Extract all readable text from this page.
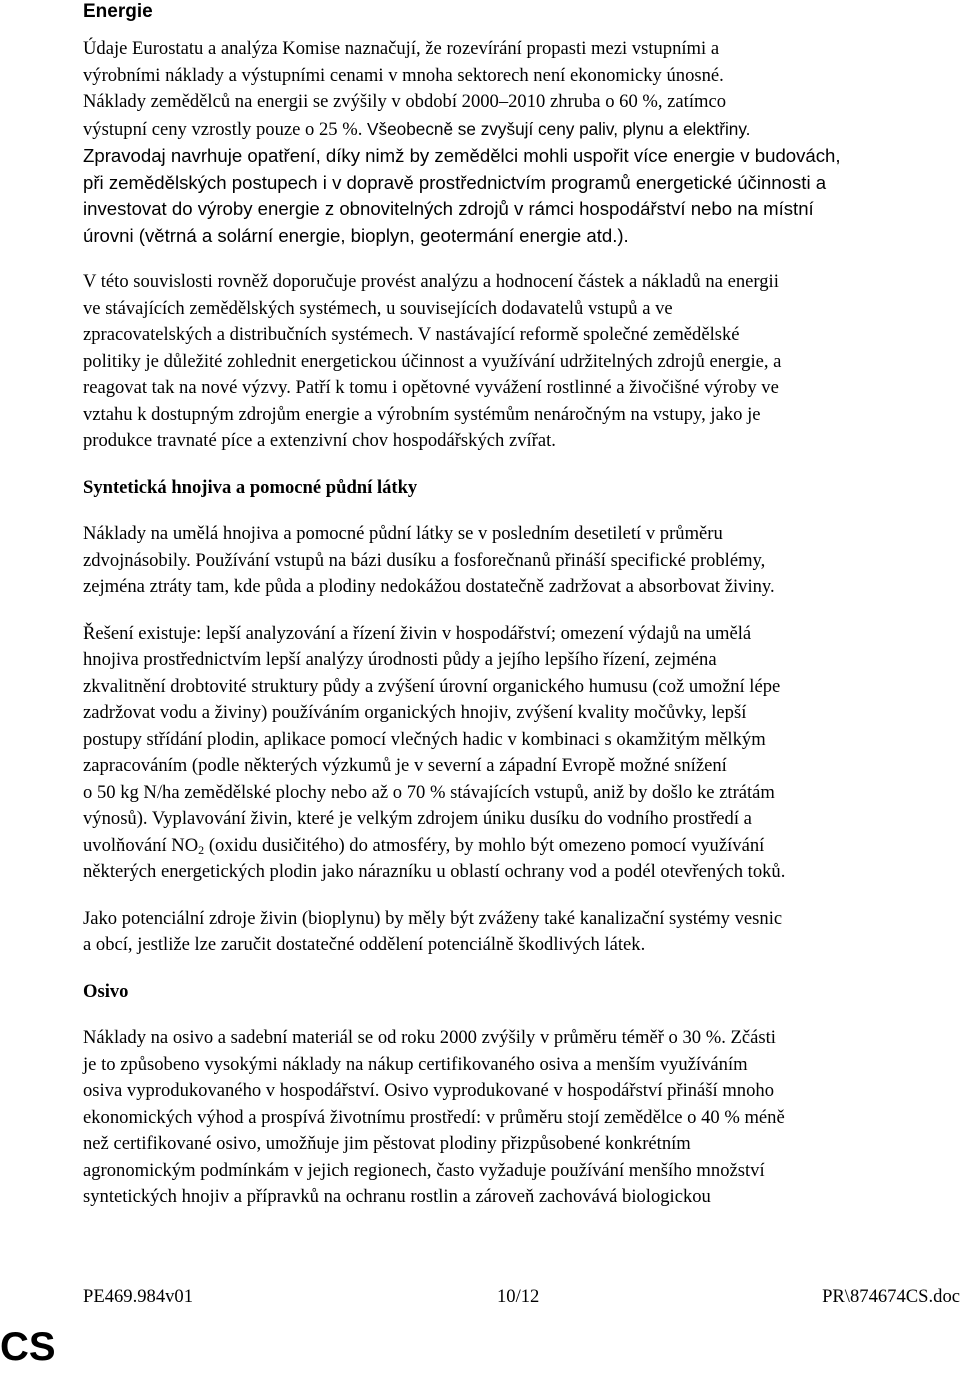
Energie

Údaje Eurostatu a analýza Komise naznačují, že rozevírání propasti mezi vstupními a

výrobními náklady a výstupními cenami v mnoha sektorech není ekonomicky únosné.

Náklady zemědělců na energii se zvýšily v období 2000–2010 zhruba o 60 %, zatímco

výstupní ceny vzrostly pouze o 25 %. Všeobecně se zvyšují ceny paliv, plynu a elektřiny.

Zpravodaj navrhuje opatření, díky nimž by zemědělci mohli uspořit více energie v budovách,

při zemědělských postupech i v dopravě prostřednictvím programů energetické účinnosti a

investovat do výroby energie z obnovitelných zdrojů v rámci hospodářství nebo na místní

úrovni (větrná a solární energie, bioplyn, geotermání energie atd.).

V této souvislosti rovněž doporučuje provést analýzu a hodnocení částek a nákladů na energii

ve stávajících zemědělských systémech, u souvisejících dodavatelů vstupů a ve

zpracovatelských a distribučních systémech. V nastávající reformě společné zemědělské

politiky je důležité zohlednit energetickou účinnost a využívání udržitelných zdrojů energie, a

reagovat tak na nové výzvy. Patří k tomu i opětovné vyvážení rostlinné a živočišné výroby ve

vztahu k dostupným zdrojům energie a výrobním systémům nenáročným na vstupy, jako je

produkce travnaté píce a extenzivní chov hospodářských zvířat.

Syntetická hnojiva a pomocné půdní látky

Náklady na umělá hnojiva a pomocné půdní látky se v posledním desetiletí v průměru

zdvojnásobily. Používání vstupů na bázi dusíku a fosforečnanů přináší specifické problémy,

zejména ztráty tam, kde půda a plodiny nedokážou dostatečně zadržovat a absorbovat živiny.

Řešení existuje: lepší analyzování a řízení živin v hospodářství; omezení výdajů na umělá

hnojiva prostřednictvím lepší analýzy úrodnosti půdy a jejího lepšího řízení, zejména

zkvalitnění drobtovité struktury půdy a zvýšení úrovní organického humusu (což umožní lépe

zadržovat vodu a živiny) používáním organických hnojiv, zvýšení kvality močůvky, lepší

postupy střídání plodin, aplikace pomocí vlečných hadic v kombinaci s okamžitým mělkým

zapracováním (podle některých výzkumů je v severní a západní Evropě možné snížení

o 50 kg N/ha zemědělské plochy nebo až o 70 % stávajících vstupů, aniž by došlo ke ztrátám

výnosů). Vyplavování živin, které je velkým zdrojem úniku dusíku do vodního prostředí a

uvolňování $NO_2$ (oxidu dusičitého) do atmosféry, by mohlo být omezeno pomocí využívání

některých energetických plodin jako nárazníku u oblastí ochrany vod a podél otevřených toků.

Jako potenciální zdroje živin (bioplynu) by měly být zváženy také kanalizační systémy vesnic

a obcí, jestliže lze zaručit dostatečné oddělení potenciálně škodlivých látek.

Osivo

Náklady na osivo a sadební materiál se od roku 2000 zvýšily v průměru téměř o 30 %. Zčásti

je to způsobeno vysokými náklady na nákup certifikovaného osiva a menším využíváním

osiva vyprodukovaného v hospodářství. Osivo vyprodukované v hospodářství přináší mnoho

ekonomických výhod a prospívá životnímu prostředí: v průměru stojí zemědělce o 40 % méně

než certifikované osivo, umožňuje jim pěstovat plodiny přizpůsobené konkrétním

agronomickým podmínkám v jejich regionech, často vyžaduje používání menšího množství

syntetických hnojiv a přípravků na ochranu rostlin a zároveň zachovává biologickou

PE469.984v01	10/12	PR\874674CS.doc
CS
